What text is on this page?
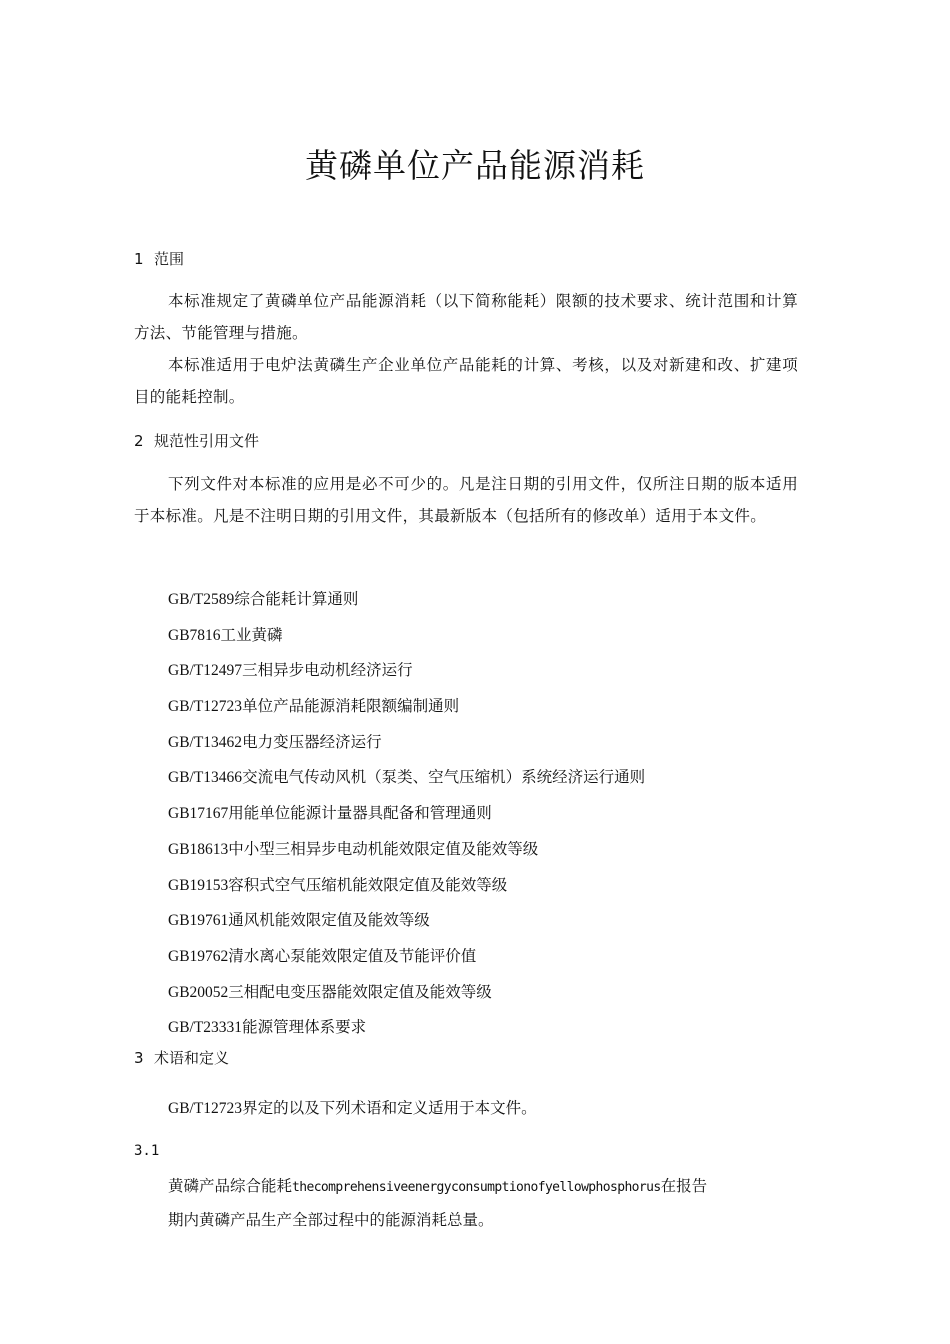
黄磷单位产品能源消耗
1 范围
本标准规定了黄磷单位产品能源消耗（以下简称能耗）限额的技术要求、统计范围和计算方法、节能管理与措施。
本标准适用于电炉法黄磷生产企业单位产品能耗的计算、考核，以及对新建和改、扩建项目的能耗控制。
2 规范性引用文件
下列文件对本标准的应用是必不可少的。凡是注日期的引用文件，仅所注日期的版本适用于本标准。凡是不注明日期的引用文件，其最新版本（包括所有的修改单）适用于本文件。
GB/T2589综合能耗计算通则
GB7816工业黄磷
GB/T12497三相异步电动机经济运行
GB/T12723单位产品能源消耗限额编制通则
GB/T13462电力变压器经济运行
GB/T13466交流电气传动风机（泵类、空气压缩机）系统经济运行通则
GB17167用能单位能源计量器具配备和管理通则
GB18613中小型三相异步电动机能效限定值及能效等级
GB19153容积式空气压缩机能效限定值及能效等级
GB19761通风机能效限定值及能效等级
GB19762清水离心泵能效限定值及节能评价值
GB20052三相配电变压器能效限定值及能效等级
GB/T23331能源管理体系要求
3 术语和定义
GB/T12723界定的以及下列术语和定义适用于本文件。
3.1
黄磷产品综合能耗thecomprehensiveenergyconsumptionofyellowphosphorus在报告
期内黄磷产品生产全部过程中的能源消耗总量。
